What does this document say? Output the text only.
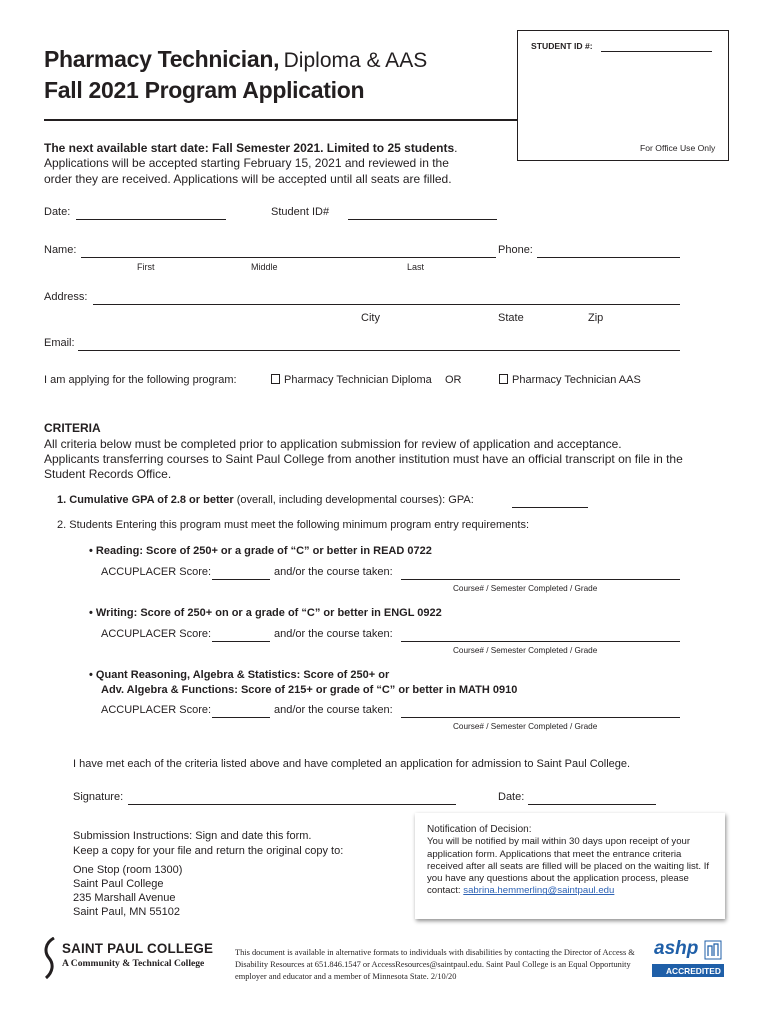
Pharmacy Technician, Diploma & AAS
Fall 2021 Program Application
STUDENT ID #:
For Office Use Only
The next available start date: Fall Semester 2021. Limited to 25 students.
Applications will be accepted starting February 15, 2021 and reviewed in the
order they are received. Applications will be accepted until all seats are filled.
Date:	Student ID#
Name:	Phone:
First	Middle	Last
Address:
City	State	Zip
Email:
I am applying for the following program:	Pharmacy Technician Diploma OR	Pharmacy Technician AAS
CRITERIA
All criteria below must be completed prior to application submission for review of application and acceptance.
Applicants transferring courses to Saint Paul College from another institution must have an official transcript on file in the
Student Records Office.
1. Cumulative GPA of 2.8 or better (overall, including developmental courses): GPA:
2. Students Entering this program must meet the following minimum program entry requirements:
• Reading: Score of 250+ or a grade of “C” or better in READ 0722
ACCUPLACER Score:	and/or the course taken:
Course# / Semester Completed / Grade
• Writing: Score of 250+ on or a grade of “C” or better in ENGL 0922
ACCUPLACER Score:	and/or the course taken:
Course# / Semester Completed / Grade
• Quant Reasoning, Algebra & Statistics: Score of 250+ or
Adv. Algebra & Functions: Score of 215+ or grade of “C” or better in MATH 0910
ACCUPLACER Score:	and/or the course taken:
Course# / Semester Completed / Grade
I have met each of the criteria listed above and have completed an application for admission to Saint Paul College.
Signature:	Date:
Submission Instructions: Sign and date this form.
Keep a copy for your file and return the original copy to:
One Stop (room 1300)
Saint Paul College
235 Marshall Avenue
Saint Paul, MN 55102
Notification of Decision:
You will be notified by mail within 30 days upon receipt of your application form. Applications that meet the entrance criteria received after all seats are filled will be placed on the waiting list. If you have any questions about the application process, please contact: sabrina.hemmerling@saintpaul.edu
SAINT PAUL COLLEGE
A Community & Technical College
This document is available in alternative formats to individuals with disabilities by contacting the Director of Access & Disability Resources at 651.846.1547 or AccessResources@saintpaul.edu. Saint Paul College is an Equal Opportunity employer and educator and a member of Minnesota State. 2/10/20
ashp
ACCREDITED
